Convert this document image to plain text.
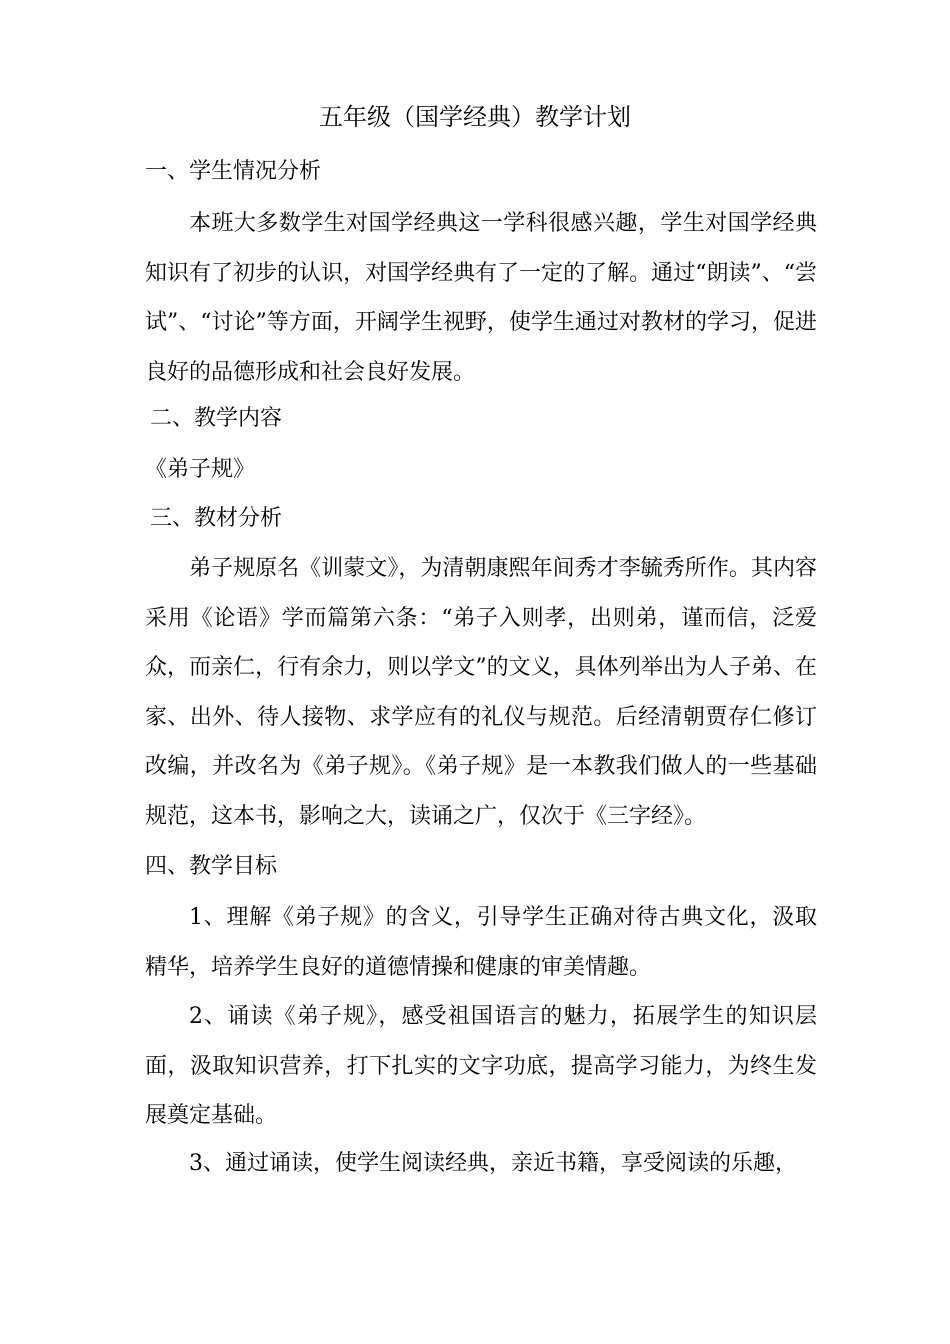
五年级（国学经典）教学计划
一、学生情况分析
本班大多数学生对国学经典这一学科很感兴趣，学生对国学经典知识有了初步的认识，对国学经典有了一定的了解。通过“朗读”、“尝试”、“讨论”等方面，开阔学生视野，使学生通过对教材的学习，促进良好的品德形成和社会良好发展。
二、教学内容
《弟子规》
三、教材分析
弟子规原名《训蒙文》，为清朝康熙年间秀才李毓秀所作。其内容采用《论语》学而篇第六条：“弟子入则孝，出则弟，谨而信，泛爱众，而亲仁，行有余力，则以学文”的文义，具体列举出为人子弟、在家、出外、待人接物、求学应有的礼仪与规范。后经清朝贾存仁修订改编，并改名为《弟子规》。《弟子规》是一本教我们做人的一些基础规范，这本书，影响之大，读诵之广，仅次于《三字经》。
四、教学目标
1、理解《弟子规》的含义，引导学生正确对待古典文化，汲取精华，培养学生良好的道德情操和健康的审美情趣。
2、诵读《弟子规》，感受祖国语言的魅力，拓展学生的知识层面，汲取知识营养，打下扎实的文字功底，提高学习能力，为终生发展奠定基础。
3、通过诵读，使学生阅读经典，亲近书籍，享受阅读的乐趣，
